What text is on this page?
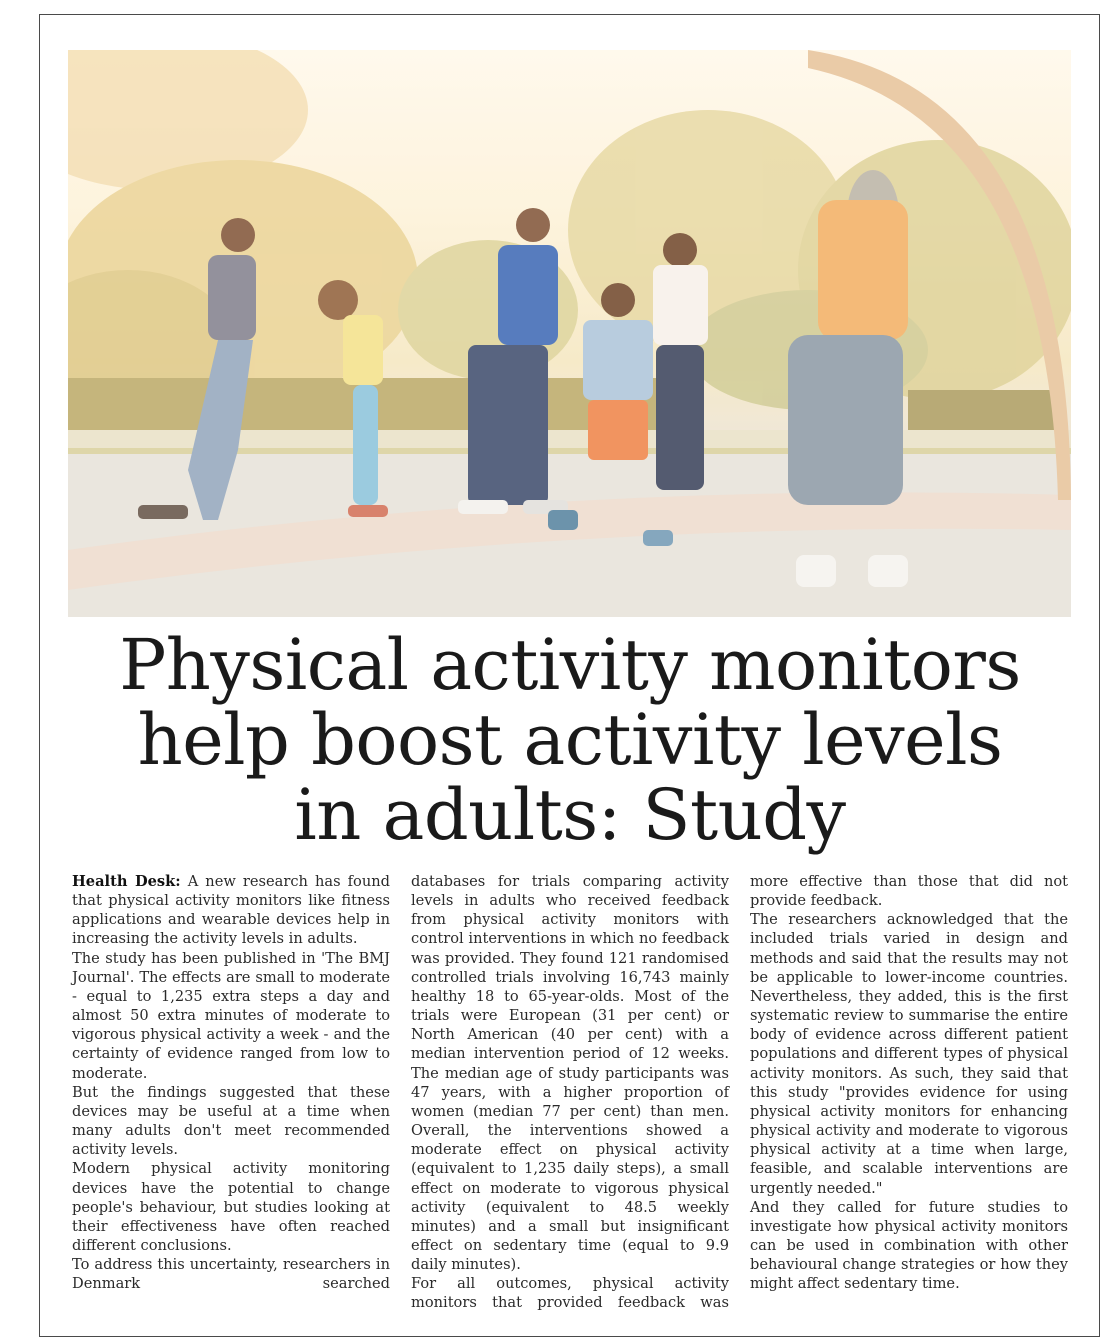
Physical activity monitors
help boost activity levels
in adults: Study

Health Desk: A new research has found that physical activity monitors like fitness applications and wearable devices help in increasing the activity levels in adults.

The study has been published in 'The BMJ Journal'. The effects are small to moderate - equal to 1,235 extra steps a day and almost 50 extra minutes of moderate to vigorous physical activity a week - and the certainty of evidence ranged from low to moderate.

But the findings suggested that these devices may be useful at a time when many adults don't meet recommended activity levels.

Modern physical activity monitoring devices have the potential to change people's behaviour, but studies looking at their effectiveness have often reached different conclusions.

To address this uncertainty, researchers in Denmark searched

databases for trials comparing activity levels in adults who received feedback from physical activity monitors with control interventions in which no feedback was provided. They found 121 randomised controlled trials involving 16,743 mainly healthy 18 to 65-year-olds. Most of the trials were European (31 per cent) or North American (40 per cent) with a median intervention period of 12 weeks. The median age of study participants was 47 years, with a higher proportion of women (median 77 per cent) than men. Overall, the interventions showed a moderate effect on physical activity (equivalent to 1,235 daily steps), a small effect on moderate to vigorous physical activity (equivalent to 48.5 weekly minutes) and a small but insignificant effect on sedentary time (equal to 9.9 daily minutes).

For all outcomes, physical activity monitors that provided feedback was

more effective than those that did not provide feedback.

The researchers acknowledged that the included trials varied in design and methods and said that the results may not be applicable to lower-income countries. Nevertheless, they added, this is the first systematic review to summarise the entire body of evidence across different patient populations and different types of physical activity monitors. As such, they said that this study "provides evidence for using physical activity monitors for enhancing physical activity and moderate to vigorous physical activity at a time when large, feasible, and scalable interventions are urgently needed."

And they called for future studies to investigate how physical activity monitors can be used in combination with other behavioural change strategies or how they might affect sedentary time.
